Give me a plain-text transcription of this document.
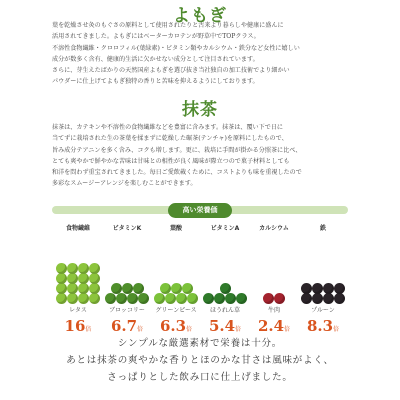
よもぎ
葉を乾燥させ灸のもぐさの原料として使用されたりと古来より暮らしや健康に盛んに
活用されてきました。よもぎにはベーターカロテンが野草中でTOPクラス。
不溶性食物繊維・クロロフィル(葉緑素)・ビタミン類やカルシウム・鉄分など女性に嬉しい
成分が数多く含有、健康的生活に欠かせない成分として注目されています。
さらに、芽生えたばかりの天然国産よもぎを選び抜き当社独自の加工技術でより細かい
パウダーに仕上げてよもぎ独特の香りと苦味を抑えるようにしております。
抹茶
抹茶は、カテキンや不溶性の食物繊維などを豊富に含みます。抹茶は、覆い下で日に
当てずに栽培された生の茶葉を揉まずに乾燥した碾茶(テンチャ)を原料にしたもので、
旨み成分テアニンを多く含み、コクも増します。更に、栽培に手間が掛かる分照茶に比べ、
とても爽やかで鮮やかな苦味は甘味との相性が良く風味が際立つので菓子材料としても
和洋を問わず重宝されてきました。毎日ご愛飲載くために、コストよりも味を重視したので
多彩なスムージーアレンジを楽しむことができます。
高い栄養価
食物繊維
レタス
16倍
ビタミンK
ブロッコリー
6.7倍
葉酸
グリーンピース
6.3倍
ビタミンA
ほうれん草
5.4倍
カルシウム
牛肉
2.4倍
鉄
プルーン
8.3倍
シンプルな厳選素材で栄養は十分。
あとは抹茶の爽やかな香りとほのかな甘さは風味がよく、
さっぱりとした飲み口に仕上げました。
